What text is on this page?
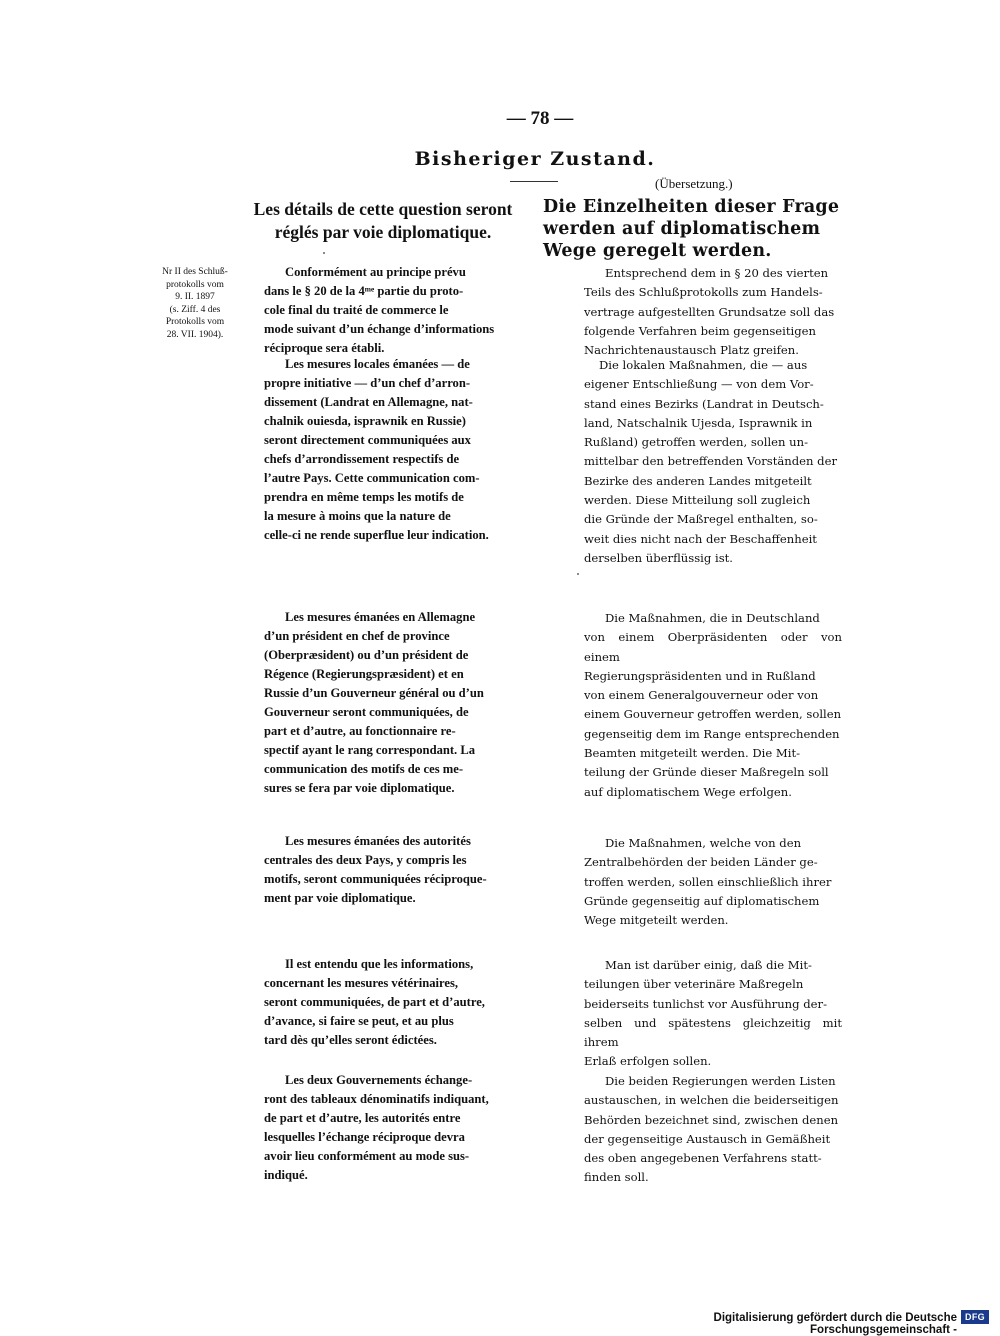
— 78 —
Bisheriger Zustand.
(Übersetzung.)
Les détails de cette question seront réglés par voie diplomatique.
Die Einzelheiten dieser Frage werden auf diplomatischem Wege geregelt werden.
Nr II des Schluß-
protokolls vom
9. II. 1897
(s. Ziff. 4 des
Protokolls vom
28. VII. 1904).
Conformément au principe prévu
dans le § 20 de la 4ᵐᵉ partie du proto-
cole final du traité de commerce le
mode suivant d’un échange d’informations
réciproque sera établi.
Les mesures locales émanées — de
propre initiative — d’un chef d’arron-
dissement (Landrat en Allemagne, nat-
chalnik ouiesda, isprawnik en Russie)
seront directement communiquées aux
chefs d’arrondissement respectifs de
l’autre Pays. Cette communication com-
prendra en même temps les motifs de
la mesure à moins que la nature de
celle-ci ne rende superflue leur indication.
Les mesures émanées en Allemagne
d’un président en chef de province
(Oberpræsident) ou d’un président de
Régence (Regierungspræsident) et en
Russie d’un Gouverneur général ou d’un
Gouverneur seront communiquées, de
part et d’autre, au fonctionnaire re-
spectif ayant le rang correspondant. La
communication des motifs de ces me-
sures se fera par voie diplomatique.
Les mesures émanées des autorités
centrales des deux Pays, y compris les
motifs, seront communiquées réciproque-
ment par voie diplomatique.
Il est entendu que les informations,
concernant les mesures vétérinaires,
seront communiquées, de part et d’autre,
d’avance, si faire se peut, et au plus
tard dès qu’elles seront édictées.
Les deux Gouvernements échange-
ront des tableaux dénominatifs indiquant,
de part et d’autre, les autorités entre
lesquelles l’échange réciproque devra
avoir lieu conformément au mode sus-
indiqué.
Entsprechend dem in § 20 des vierten
Teils des Schlußprotokolls zum Handels-
vertrage aufgestellten Grundsatze soll das
folgende Verfahren beim gegenseitigen
Nachrichtenaustausch Platz greifen.
Die lokalen Maßnahmen, die — aus
eigener Entschließung — von dem Vor-
stand eines Bezirks (Landrat in Deutsch-
land, Natschalnik Ujesda, Isprawnik in
Rußland) getroffen werden, sollen un-
mittelbar den betreffenden Vorständen der
Bezirke des anderen Landes mitgeteilt
werden. Diese Mitteilung soll zugleich
die Gründe der Maßregel enthalten, so-
weit dies nicht nach der Beschaffenheit
derselben überflüssig ist.
Die Maßnahmen, die in Deutschland
von einem Oberpräsidenten oder von einem
Regierungspräsidenten und in Rußland
von einem Generalgouverneur oder von
einem Gouverneur getroffen werden, sollen
gegenseitig dem im Range entsprechenden
Beamten mitgeteilt werden. Die Mit-
teilung der Gründe dieser Maßregeln soll
auf diplomatischem Wege erfolgen.
Die Maßnahmen, welche von den
Zentralbehörden der beiden Länder ge-
troffen werden, sollen einschließlich ihrer
Gründe gegenseitig auf diplomatischem
Wege mitgeteilt werden.
Man ist darüber einig, daß die Mit-
teilungen über veterinäre Maßregeln
beiderseits tunlichst vor Ausführung der-
selben und spätestens gleichzeitig mit ihrem
Erlaß erfolgen sollen.
Die beiden Regierungen werden Listen
austauschen, in welchen die beiderseitigen
Behörden bezeichnet sind, zwischen denen
der gegenseitige Austausch in Gemäßheit
des oben angegebenen Verfahrens statt-
finden soll.
Digitalisierung gefördert durch die Deutsche Forschungsgemeinschaft -
DFG
